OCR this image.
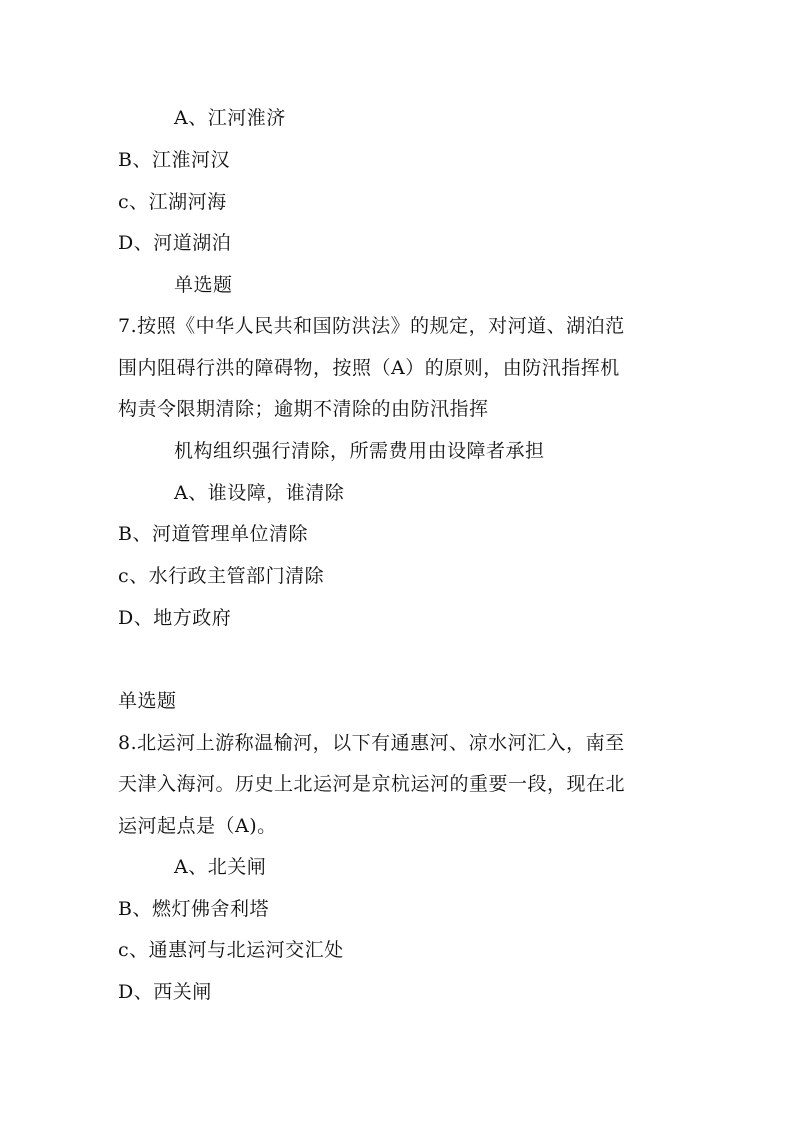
A、江河淮济
B、江淮河汉
c、江湖河海
D、河道湖泊
单选题
7.按照《中华人民共和国防洪法》的规定，对河道、湖泊范
围内阻碍行洪的障碍物，按照（A）的原则，由防汛指挥机
构责令限期清除；逾期不清除的由防汛指挥
机构组织强行清除，所需费用由设障者承担
A、谁设障，谁清除
B、河道管理单位清除
c、水行政主管部门清除
D、地方政府
单选题
8.北运河上游称温榆河，以下有通惠河、凉水河汇入，南至
天津入海河。历史上北运河是京杭运河的重要一段，现在北
运河起点是（A)。
A、北关闸
B、燃灯佛舍利塔
c、通惠河与北运河交汇处
D、西关闸
